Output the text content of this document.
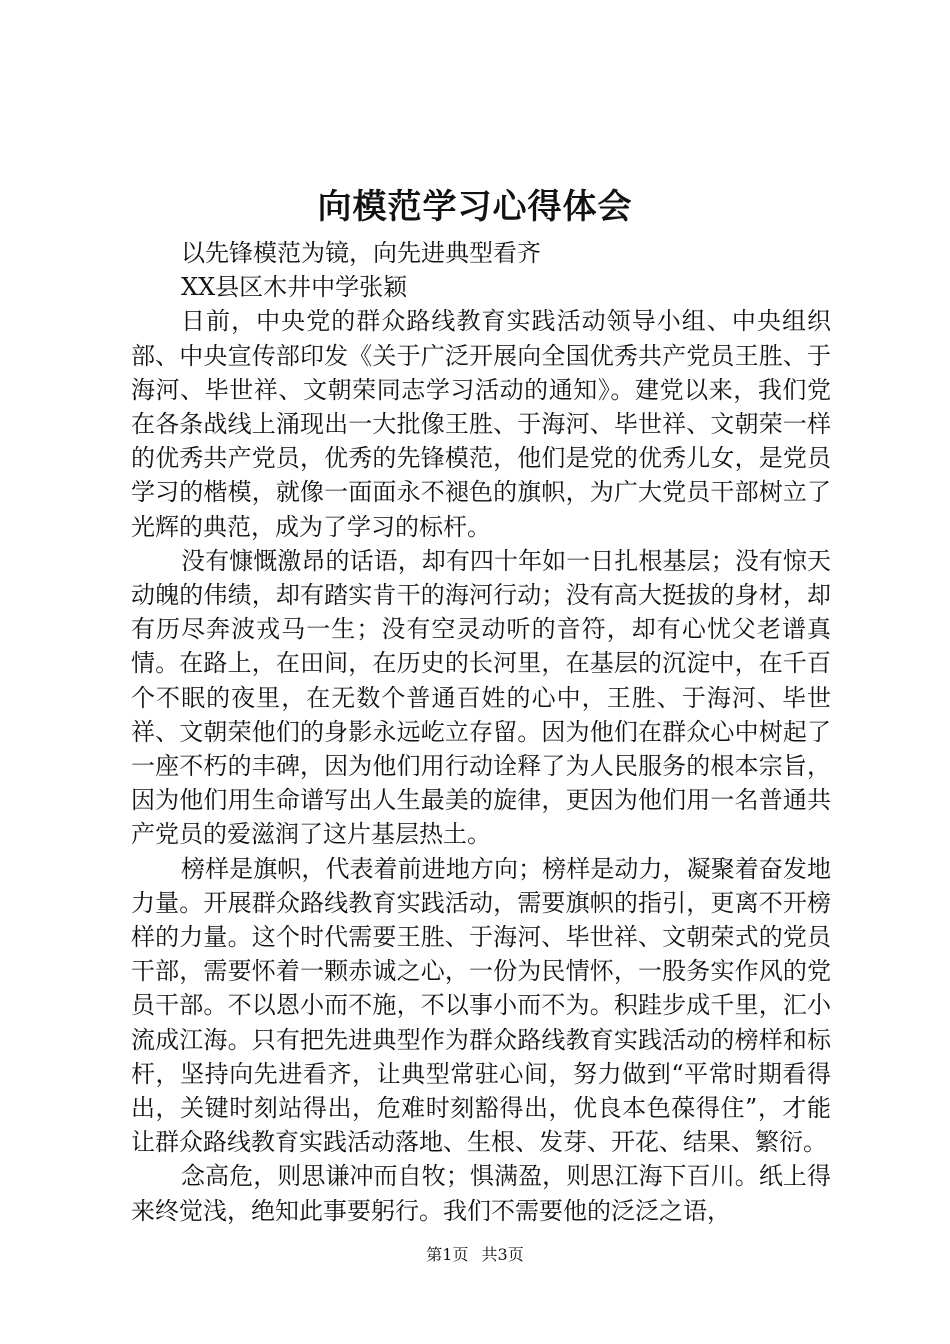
向模范学习心得体会

以先锋模范为镜，向先进典型看齐

XX县区木井中学张颖

日前，中央党的群众路线教育实践活动领导小组、中央组织部、中央宣传部印发《关于广泛开展向全国优秀共产党员王胜、于海河、毕世祥、文朝荣同志学习活动的通知》。建党以来，我们党在各条战线上涌现出一大批像王胜、于海河、毕世祥、文朝荣一样的优秀共产党员，优秀的先锋模范，他们是党的优秀儿女，是党员学习的楷模，就像一面面永不褪色的旗帜，为广大党员干部树立了光辉的典范，成为了学习的标杆。

没有慷慨激昂的话语，却有四十年如一日扎根基层；没有惊天动魄的伟绩，却有踏实肯干的海河行动；没有高大挺拔的身材，却有历尽奔波戎马一生；没有空灵动听的音符，却有心忧父老谱真情。在路上，在田间，在历史的长河里，在基层的沉淀中，在千百个不眠的夜里，在无数个普通百姓的心中，王胜、于海河、毕世祥、文朝荣他们的身影永远屹立存留。因为他们在群众心中树起了一座不朽的丰碑，因为他们用行动诠释了为人民服务的根本宗旨，因为他们用生命谱写出人生最美的旋律，更因为他们用一名普通共产党员的爱滋润了这片基层热土。

榜样是旗帜，代表着前进地方向；榜样是动力，凝聚着奋发地力量。开展群众路线教育实践活动，需要旗帜的指引，更离不开榜样的力量。这个时代需要王胜、于海河、毕世祥、文朝荣式的党员干部，需要怀着一颗赤诚之心，一份为民情怀，一股务实作风的党员干部。不以恩小而不施，不以事小而不为。积跬步成千里，汇小流成江海。只有把先进典型作为群众路线教育实践活动的榜样和标杆，坚持向先进看齐，让典型常驻心间，努力做到“平常时期看得出，关键时刻站得出，危难时刻豁得出，优良本色葆得住”，才能让群众路线教育实践活动落地、生根、发芽、开花、结果、繁衍。

念高危，则思谦冲而自牧；惧满盈，则思江海下百川。纸上得来终觉浅，绝知此事要躬行。我们不需要他的泛泛之语，

第1页 共3页
